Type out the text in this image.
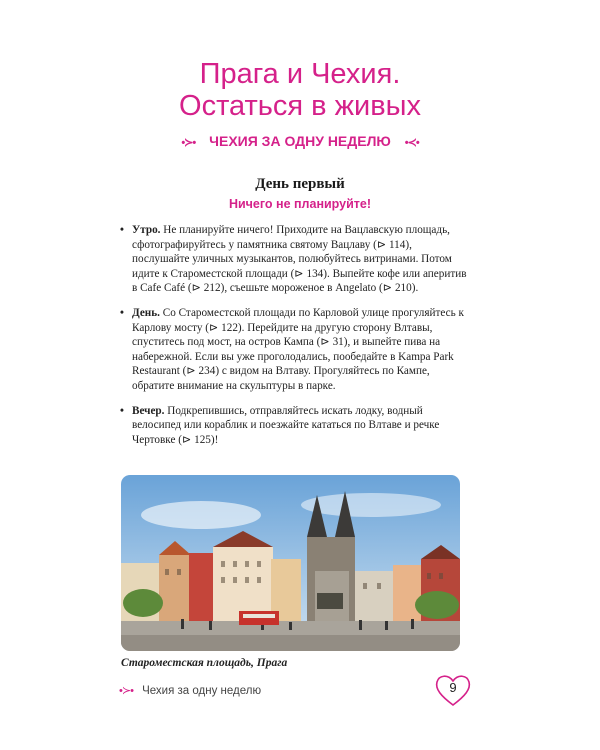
Прага и Чехия.
Остаться в живых
•≻• ЧЕХИЯ ЗА ОДНУ НЕДЕЛЮ •≺•
День первый
Ничего не планируйте!
• Утро. Не планируйте ничего! Приходите на Вацлавскую площадь, сфотографируйтесь у памятника святому Вацлаву (⊳ 114), послушайте уличных музыкантов, полюбуйтесь витринами. Потом идите к Староместской площади (⊳ 134). Выпейте кофе или аперитив в Cafe Café (⊳ 212), съешьте мороженое в Angelato (⊳ 210).
• День. Со Староместской площади по Карловой улице прогуляйтесь к Карлову мосту (⊳ 122). Перейдите на другую сторону Влтавы, спуститесь под мост, на остров Кампа (⊳ 31), и выпейте пива на набережной. Если вы уже проголодались, пообедайте в Kampa Park Restaurant (⊳ 234) с видом на Влтаву. Прогуляйтесь по Кампе, обратите внимание на скульптуры в парке.
• Вечер. Подкрепившись, отправляйтесь искать лодку, водный велосипед или кораблик и поезжайте кататься по Влтаве и речке Чертовке (⊳ 125)!
Староместская площадь, Прага
•≻• Чехия за одну неделю	9
